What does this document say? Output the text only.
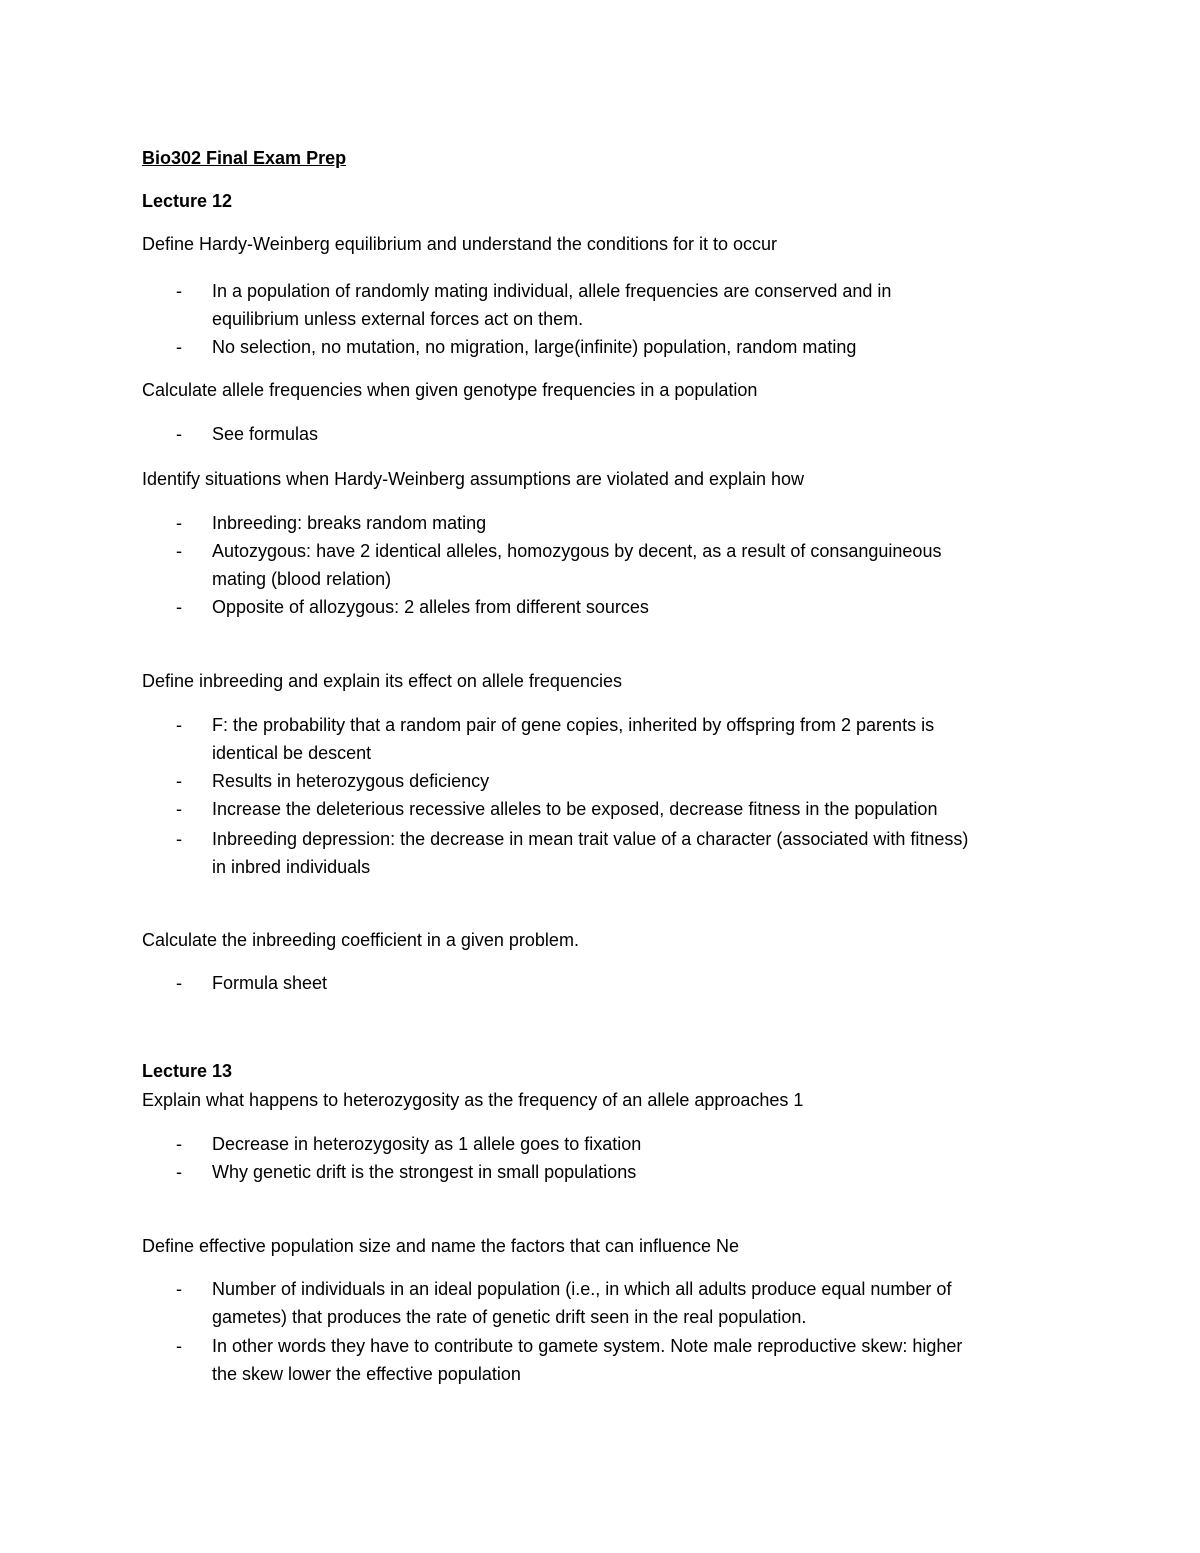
Bio302 Final Exam Prep
Lecture 12
Define Hardy-Weinberg equilibrium and understand the conditions for it to occur
- In a population of randomly mating individual, allele frequencies are conserved and in
equilibrium unless external forces act on them.
- No selection, no mutation, no migration, large(infinite) population, random mating
Calculate allele frequencies when given genotype frequencies in a population
- See formulas
Identify situations when Hardy-Weinberg assumptions are violated and explain how
- Inbreeding: breaks random mating
- Autozygous: have 2 identical alleles, homozygous by decent, as a result of consanguineous
mating (blood relation)
- Opposite of allozygous: 2 alleles from different sources
Define inbreeding and explain its effect on allele frequencies
- F: the probability that a random pair of gene copies, inherited by offspring from 2 parents is
identical be descent
- Results in heterozygous deficiency
- Increase the deleterious recessive alleles to be exposed, decrease fitness in the population
- Inbreeding depression: the decrease in mean trait value of a character (associated with fitness)
in inbred individuals
Calculate the inbreeding coefficient in a given problem.
- Formula sheet
Lecture 13
Explain what happens to heterozygosity as the frequency of an allele approaches 1
- Decrease in heterozygosity as 1 allele goes to fixation
- Why genetic drift is the strongest in small populations
Define effective population size and name the factors that can influence Ne
- Number of individuals in an ideal population (i.e., in which all adults produce equal number of
gametes) that produces the rate of genetic drift seen in the real population.
- In other words they have to contribute to gamete system. Note male reproductive skew: higher
the skew lower the effective population
